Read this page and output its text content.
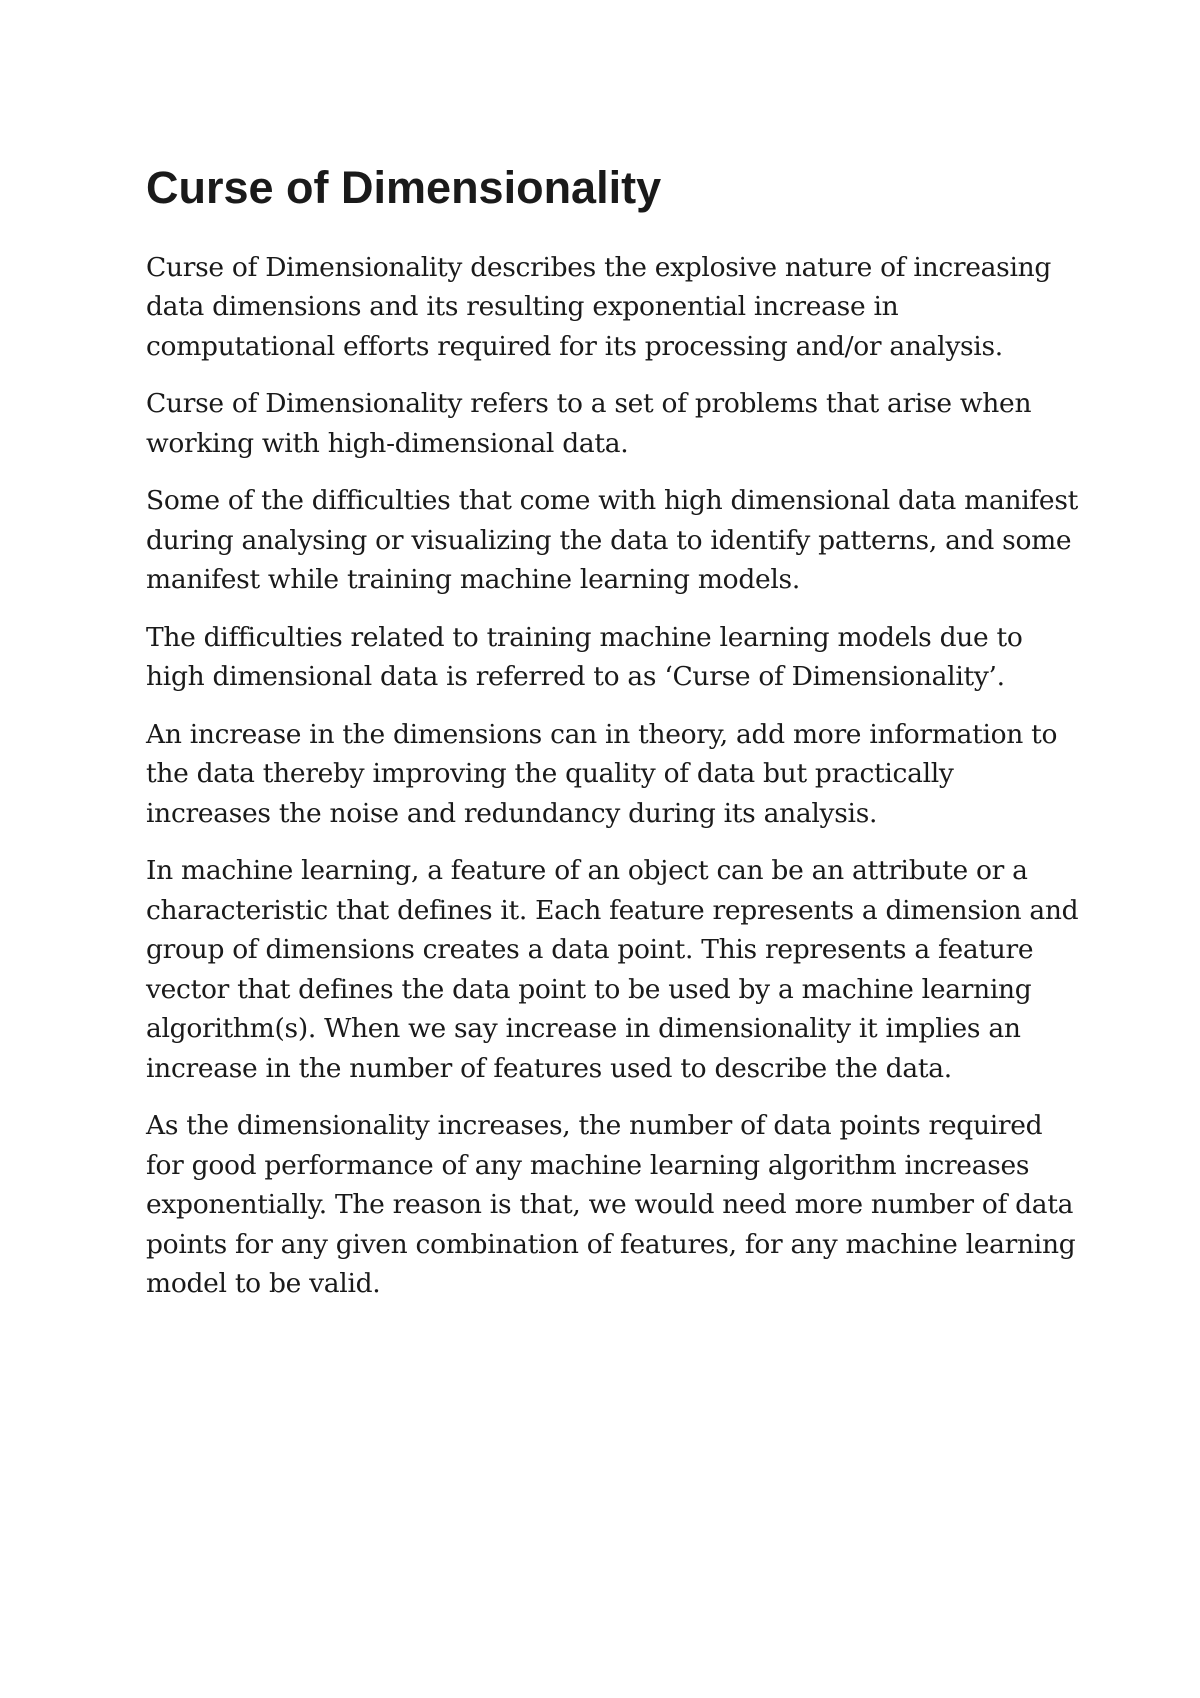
Curse of Dimensionality

Curse of Dimensionality describes the explosive nature of increasing data dimensions and its resulting exponential increase in computational efforts required for its processing and/or analysis.

Curse of Dimensionality refers to a set of problems that arise when working with high-dimensional data.

Some of the difficulties that come with high dimensional data manifest during analysing or visualizing the data to identify patterns, and some manifest while training machine learning models.

The difficulties related to training machine learning models due to high dimensional data is referred to as ‘Curse of Dimensionality’.

An increase in the dimensions can in theory, add more information to the data thereby improving the quality of data but practically increases the noise and redundancy during its analysis.

In machine learning, a feature of an object can be an attribute or a characteristic that defines it. Each feature represents a dimension and group of dimensions creates a data point. This represents a feature vector that defines the data point to be used by a machine learning algorithm(s). When we say increase in dimensionality it implies an increase in the number of features used to describe the data.

As the dimensionality increases, the number of data points required for good performance of any machine learning algorithm increases exponentially. The reason is that, we would need more number of data points for any given combination of features, for any machine learning model to be valid.
